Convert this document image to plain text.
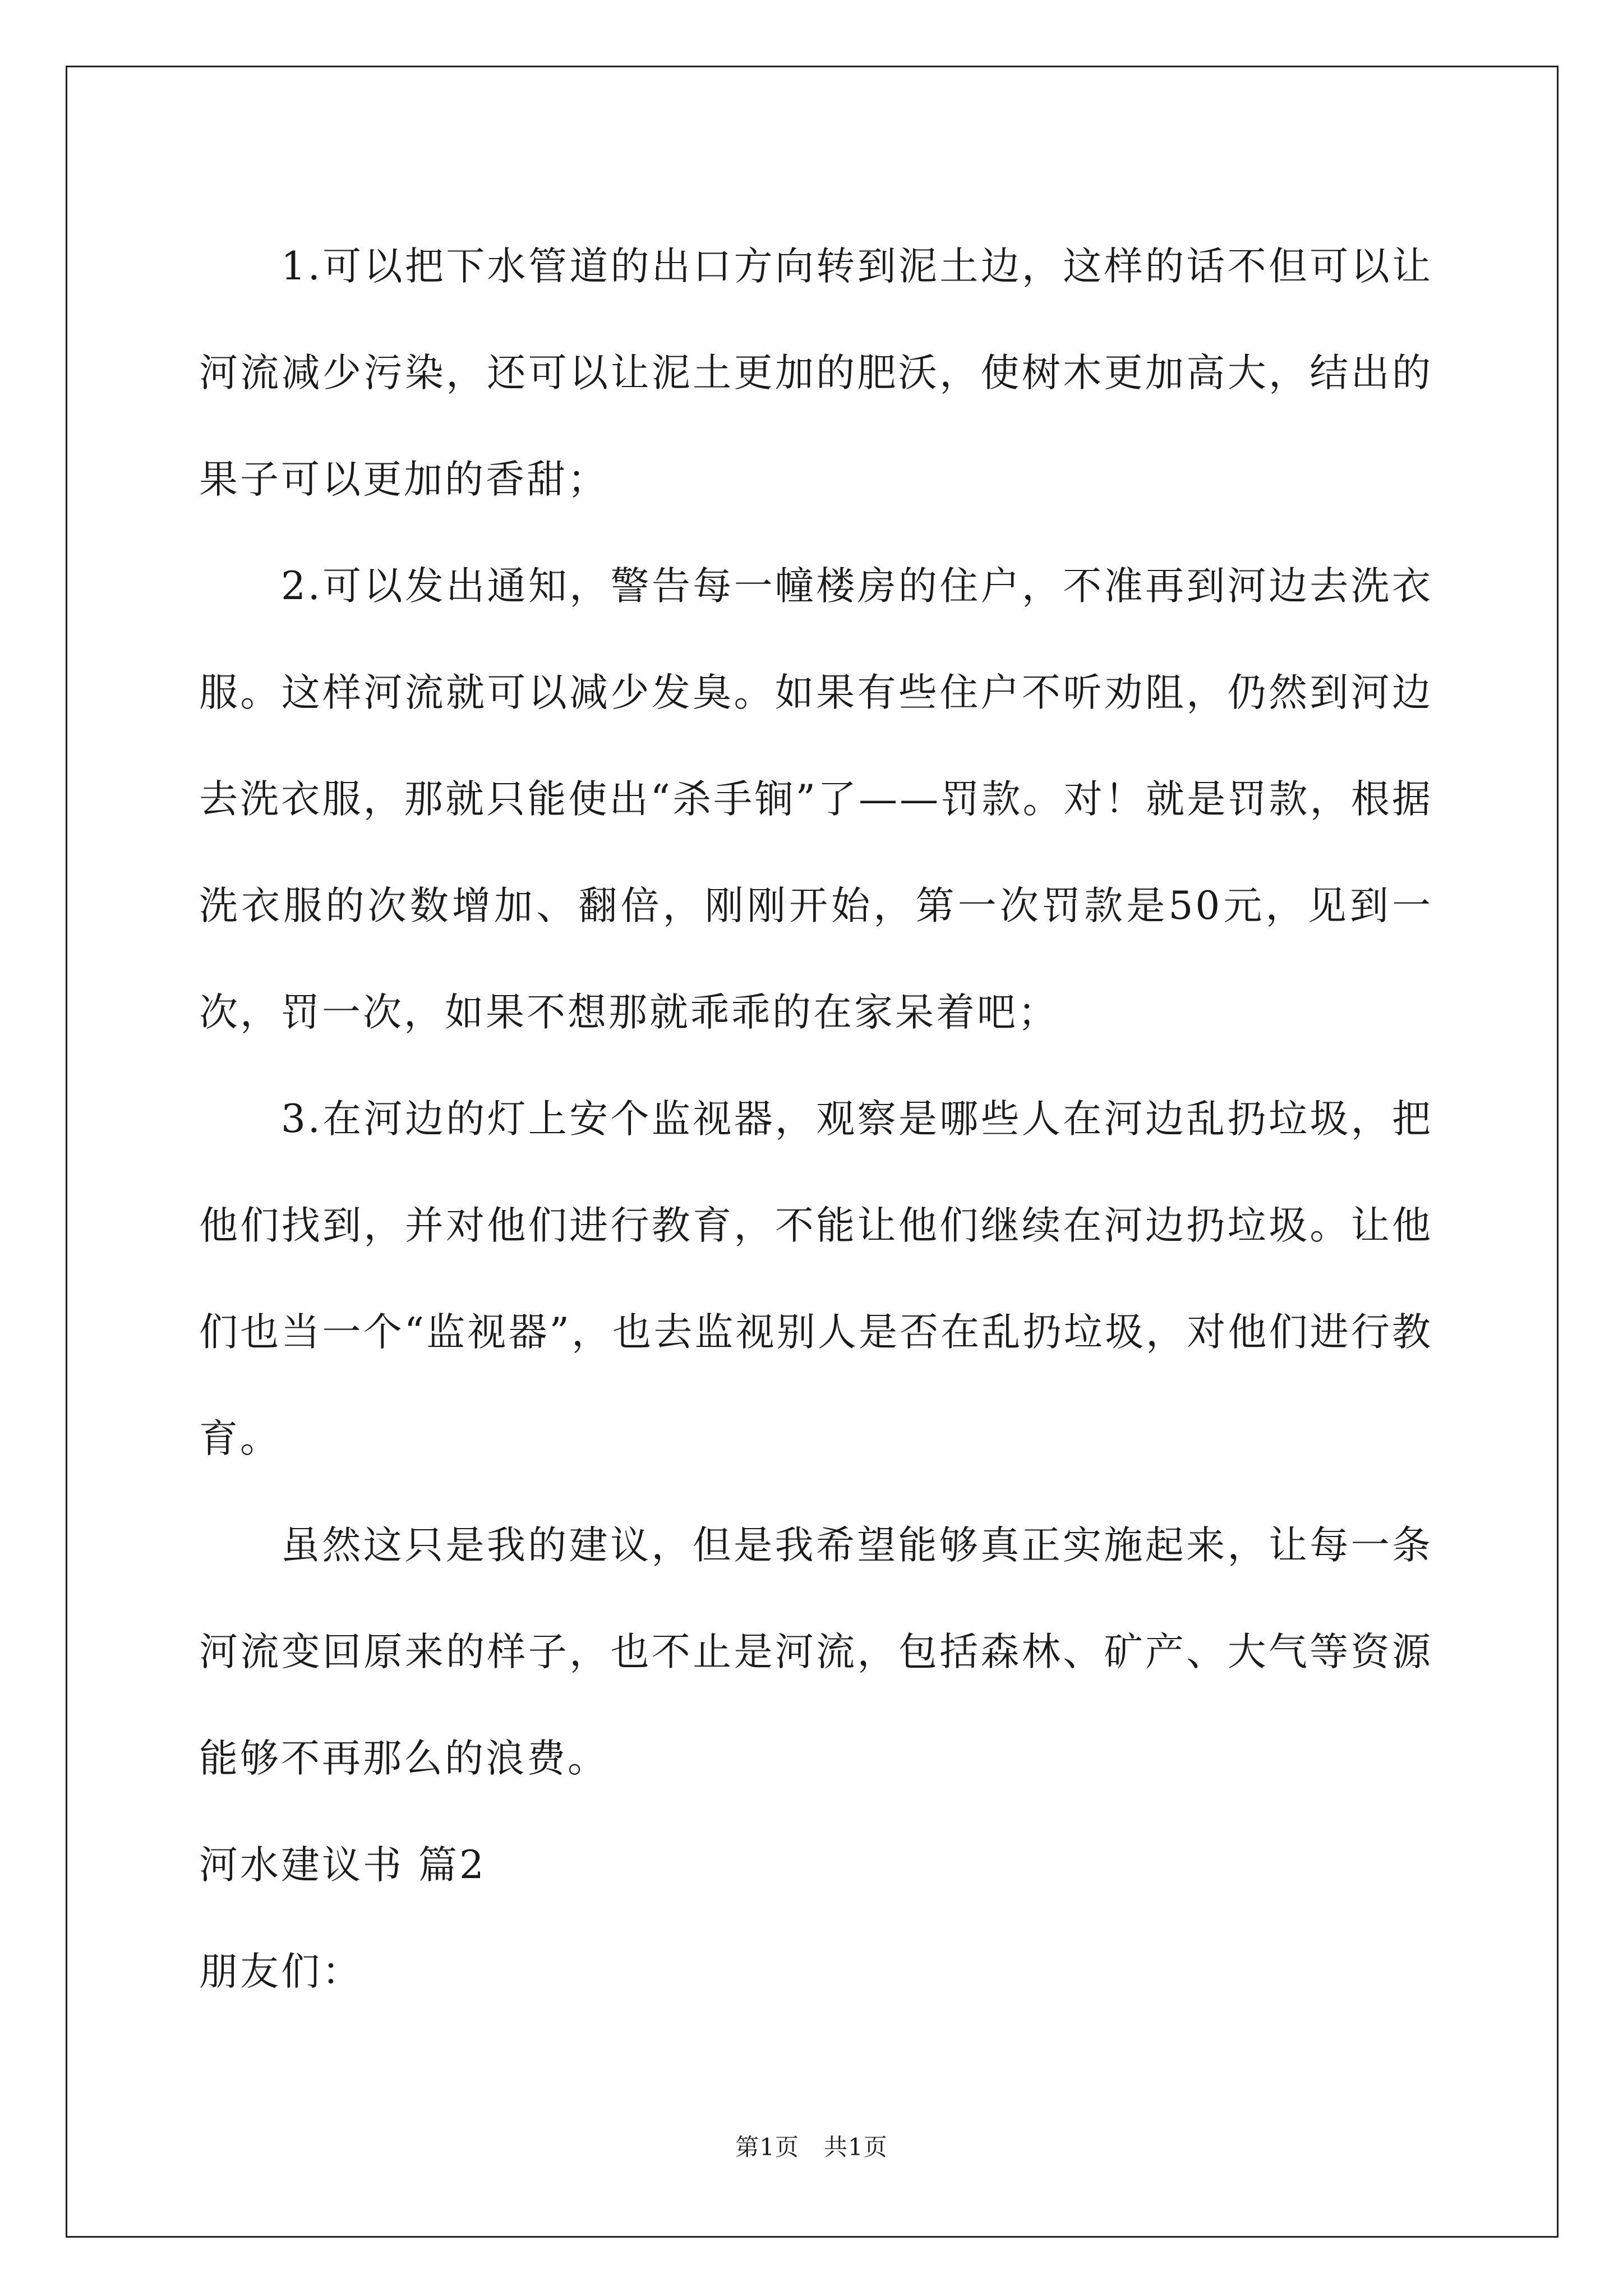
1.可以把下水管道的出口方向转到泥土边，这样的话不但可以让河流减少污染，还可以让泥土更加的肥沃，使树木更加高大，结出的果子可以更加的香甜；

2.可以发出通知，警告每一幢楼房的住户，不准再到河边去洗衣服。这样河流就可以减少发臭。如果有些住户不听劝阻，仍然到河边去洗衣服，那就只能使出“杀手锏”了——罚款。对！就是罚款，根据洗衣服的次数增加、翻倍，刚刚开始，第一次罚款是50元，见到一次，罚一次，如果不想那就乖乖的在家呆着吧；

3.在河边的灯上安个监视器，观察是哪些人在河边乱扔垃圾，把他们找到，并对他们进行教育，不能让他们继续在河边扔垃圾。让他们也当一个“监视器”，也去监视别人是否在乱扔垃圾，对他们进行教育。

虽然这只是我的建议，但是我希望能够真正实施起来，让每一条河流变回原来的样子，也不止是河流，包括森林、矿产、大气等资源能够不再那么的浪费。

河水建议书 篇2

朋友们：

第1页 共1页
